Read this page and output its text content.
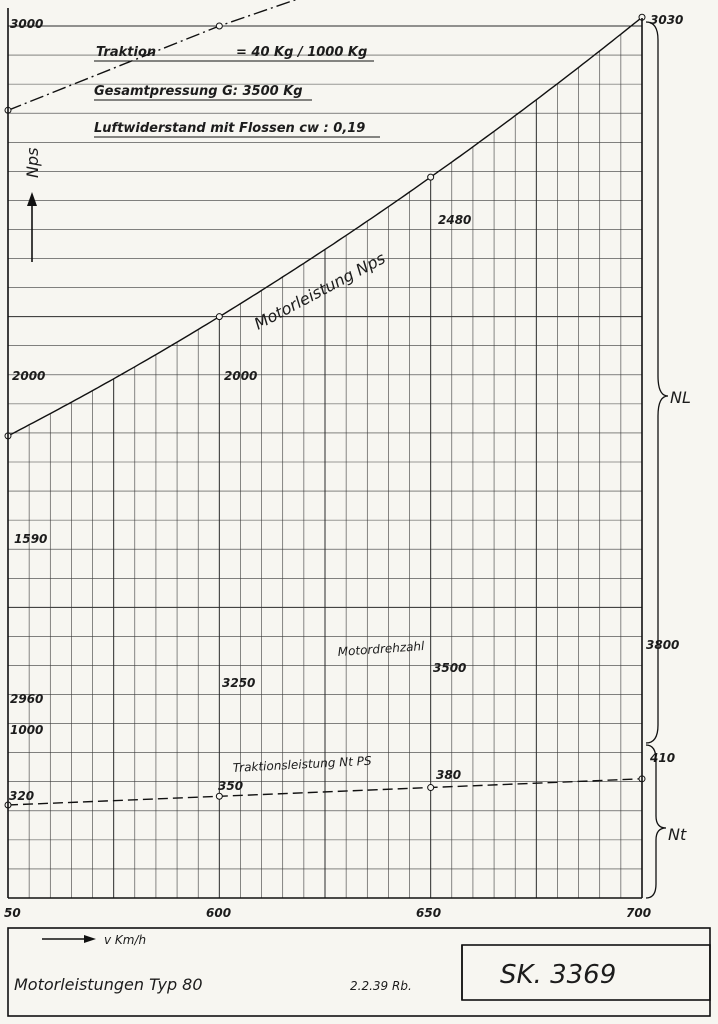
3000
2000
1000
Nps
50	600	650	700
v Km/h
Traktion	= 40 Kg / 1000 Kg
Gesamtpressung G: 3500 Kg
Luftwiderstand mit Flossen cw : 0,19
Motorleistung Nps
Motordrehzahl
Traktionsleistung Nt PS
1590
2000
2480
3030
2960
3250
3500
3800
320
350
380
410
NL
Nt
Motorleistungen Typ 80	2.2.39 Rb.	SK. 3369
